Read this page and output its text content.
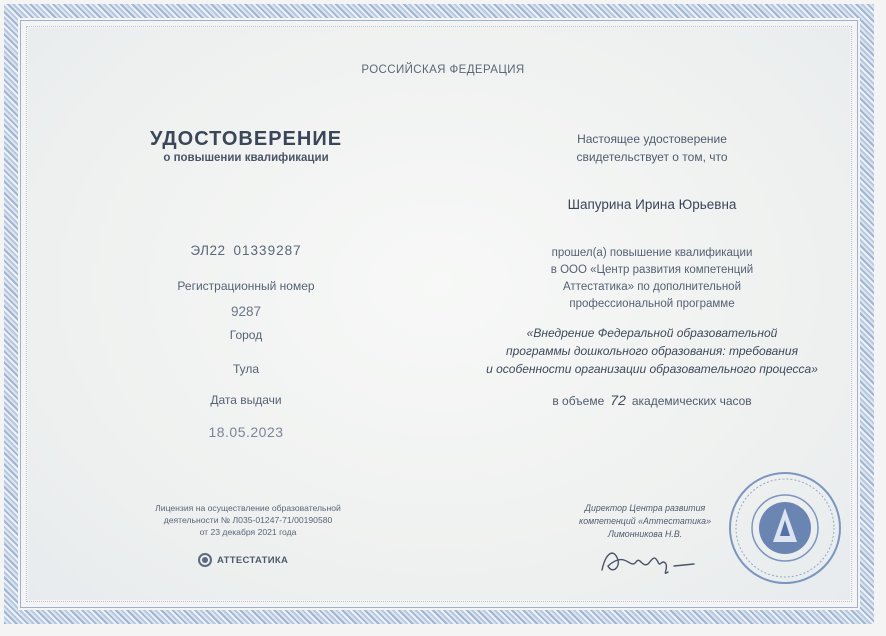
РОССИЙСКАЯ ФЕДЕРАЦИЯ
УДОСТОВЕРЕНИЕ
о повышении квалификации
ЭЛ22 01339287
Регистрационный номер
9287
Город
Тула
Дата выдачи
18.05.2023
Лицензия на осуществление образовательной
деятельности № Л035-01247-71/00190580
от 23 декабря 2021 года
АТТЕСТАТИКА
Настоящее удостоверение
свидетельствует о том, что
Шапурина Ирина Юрьевна
прошел(а) повышение квалификации
в ООО «Центр развития компетенций
Аттестатика» по дополнительной
профессиональной программе
«Внедрение Федеральной образовательной
программы дошкольного образования: требования
и особенности организации образовательного процесса»
в объеме 72 академических часов
Директор Центра развития
компетенций «Аттестатика»
Лимонникова Н.В.
